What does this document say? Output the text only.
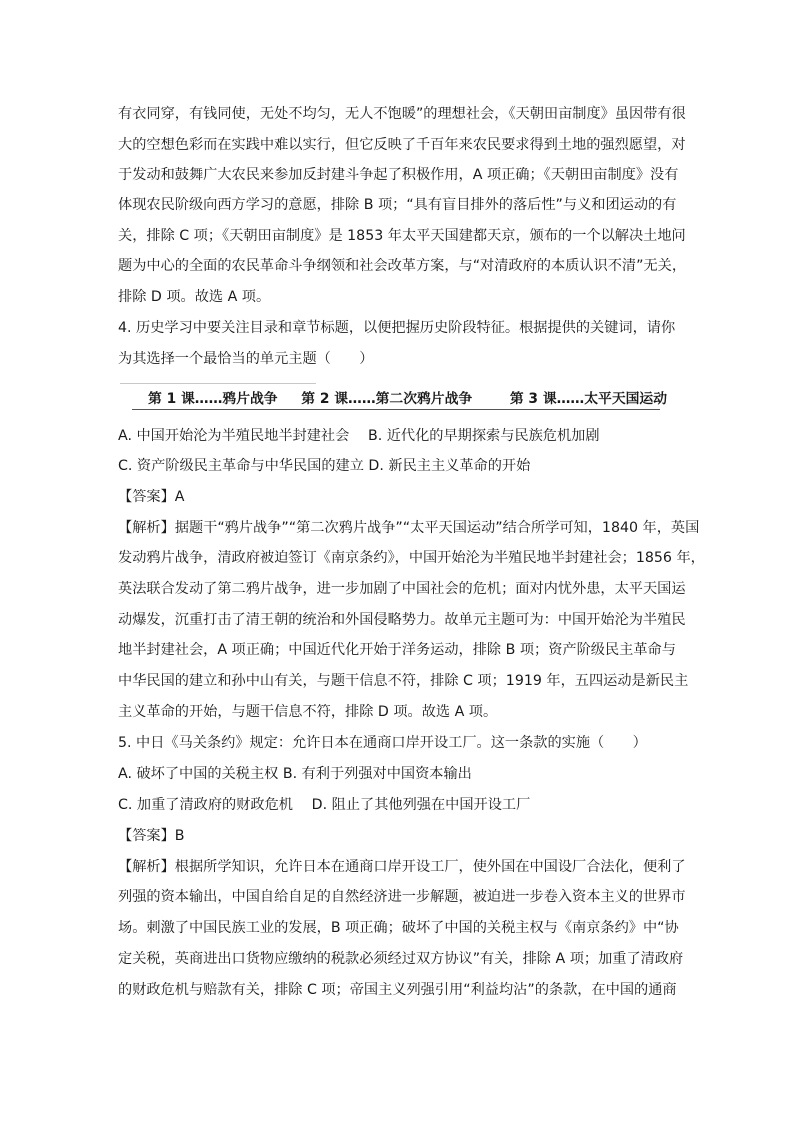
有衣同穿，有钱同使，无处不均匀，无人不饱暖”的理想社会，《天朝田亩制度》虽因带有很
大的空想色彩而在实践中难以实行，但它反映了千百年来农民要求得到土地的强烈愿望，对
于发动和鼓舞广大农民来参加反封建斗争起了积极作用，A 项正确；《天朝田亩制度》没有
体现农民阶级向西方学习的意愿，排除 B 项；“具有盲目排外的落后性”与义和团运动的有
关，排除 C 项；《天朝田亩制度》是 1853 年太平天国建都天京，颁布的一个以解决土地问
题为中心的全面的农民革命斗争纲领和社会改革方案，与“对清政府的本质认识不清”无关，
排除 D 项。故选 A 项。
4. 历史学习中要关注目录和章节标题，以便把握历史阶段特征。根据提供的关键词，请你
为其选择一个最恰当的单元主题（　　）
第 1 课……鸦片战争 第 2 课……第二次鸦片战争	第 3 课……太平天国运动
A. 中国开始沦为半殖民地半封建社会　 B. 近代化的早期探索与民族危机加剧
C. 资产阶级民主革命与中华民国的建立 D. 新民主主义革命的开始
【答案】A
【解析】据题干“鸦片战争”“第二次鸦片战争”“太平天国运动”结合所学可知，1840 年，英国
发动鸦片战争，清政府被迫签订《南京条约》，中国开始沦为半殖民地半封建社会；1856 年，
英法联合发动了第二鸦片战争，进一步加剧了中国社会的危机；面对内忧外患，太平天国运
动爆发，沉重打击了清王朝的统治和外国侵略势力。故单元主题可为：中国开始沦为半殖民
地半封建社会，A 项正确；中国近代化开始于洋务运动，排除 B 项；资产阶级民主革命与
中华民国的建立和孙中山有关，与题干信息不符，排除 C 项；1919 年，五四运动是新民主
主义革命的开始，与题干信息不符，排除 D 项。故选 A 项。
5. 中日《马关条约》规定：允许日本在通商口岸开设工厂。这一条款的实施（　　）
A. 破坏了中国的关税主权 B. 有利于列强对中国资本输出
C. 加重了清政府的财政危机　 D. 阻止了其他列强在中国开设工厂
【答案】B
【解析】根据所学知识，允许日本在通商口岸开设工厂，使外国在中国设厂合法化，便利了
列强的资本输出，中国自给自足的自然经济进一步解题，被迫进一步卷入资本主义的世界市
场。刺激了中国民族工业的发展，B 项正确；破坏了中国的关税主权与《南京条约》中“协
定关税，英商进出口货物应缴纳的税款必须经过双方协议”有关，排除 A 项；加重了清政府
的财政危机与赔款有关，排除 C 项；帝国主义列强引用“利益均沾”的条款，在中国的通商
